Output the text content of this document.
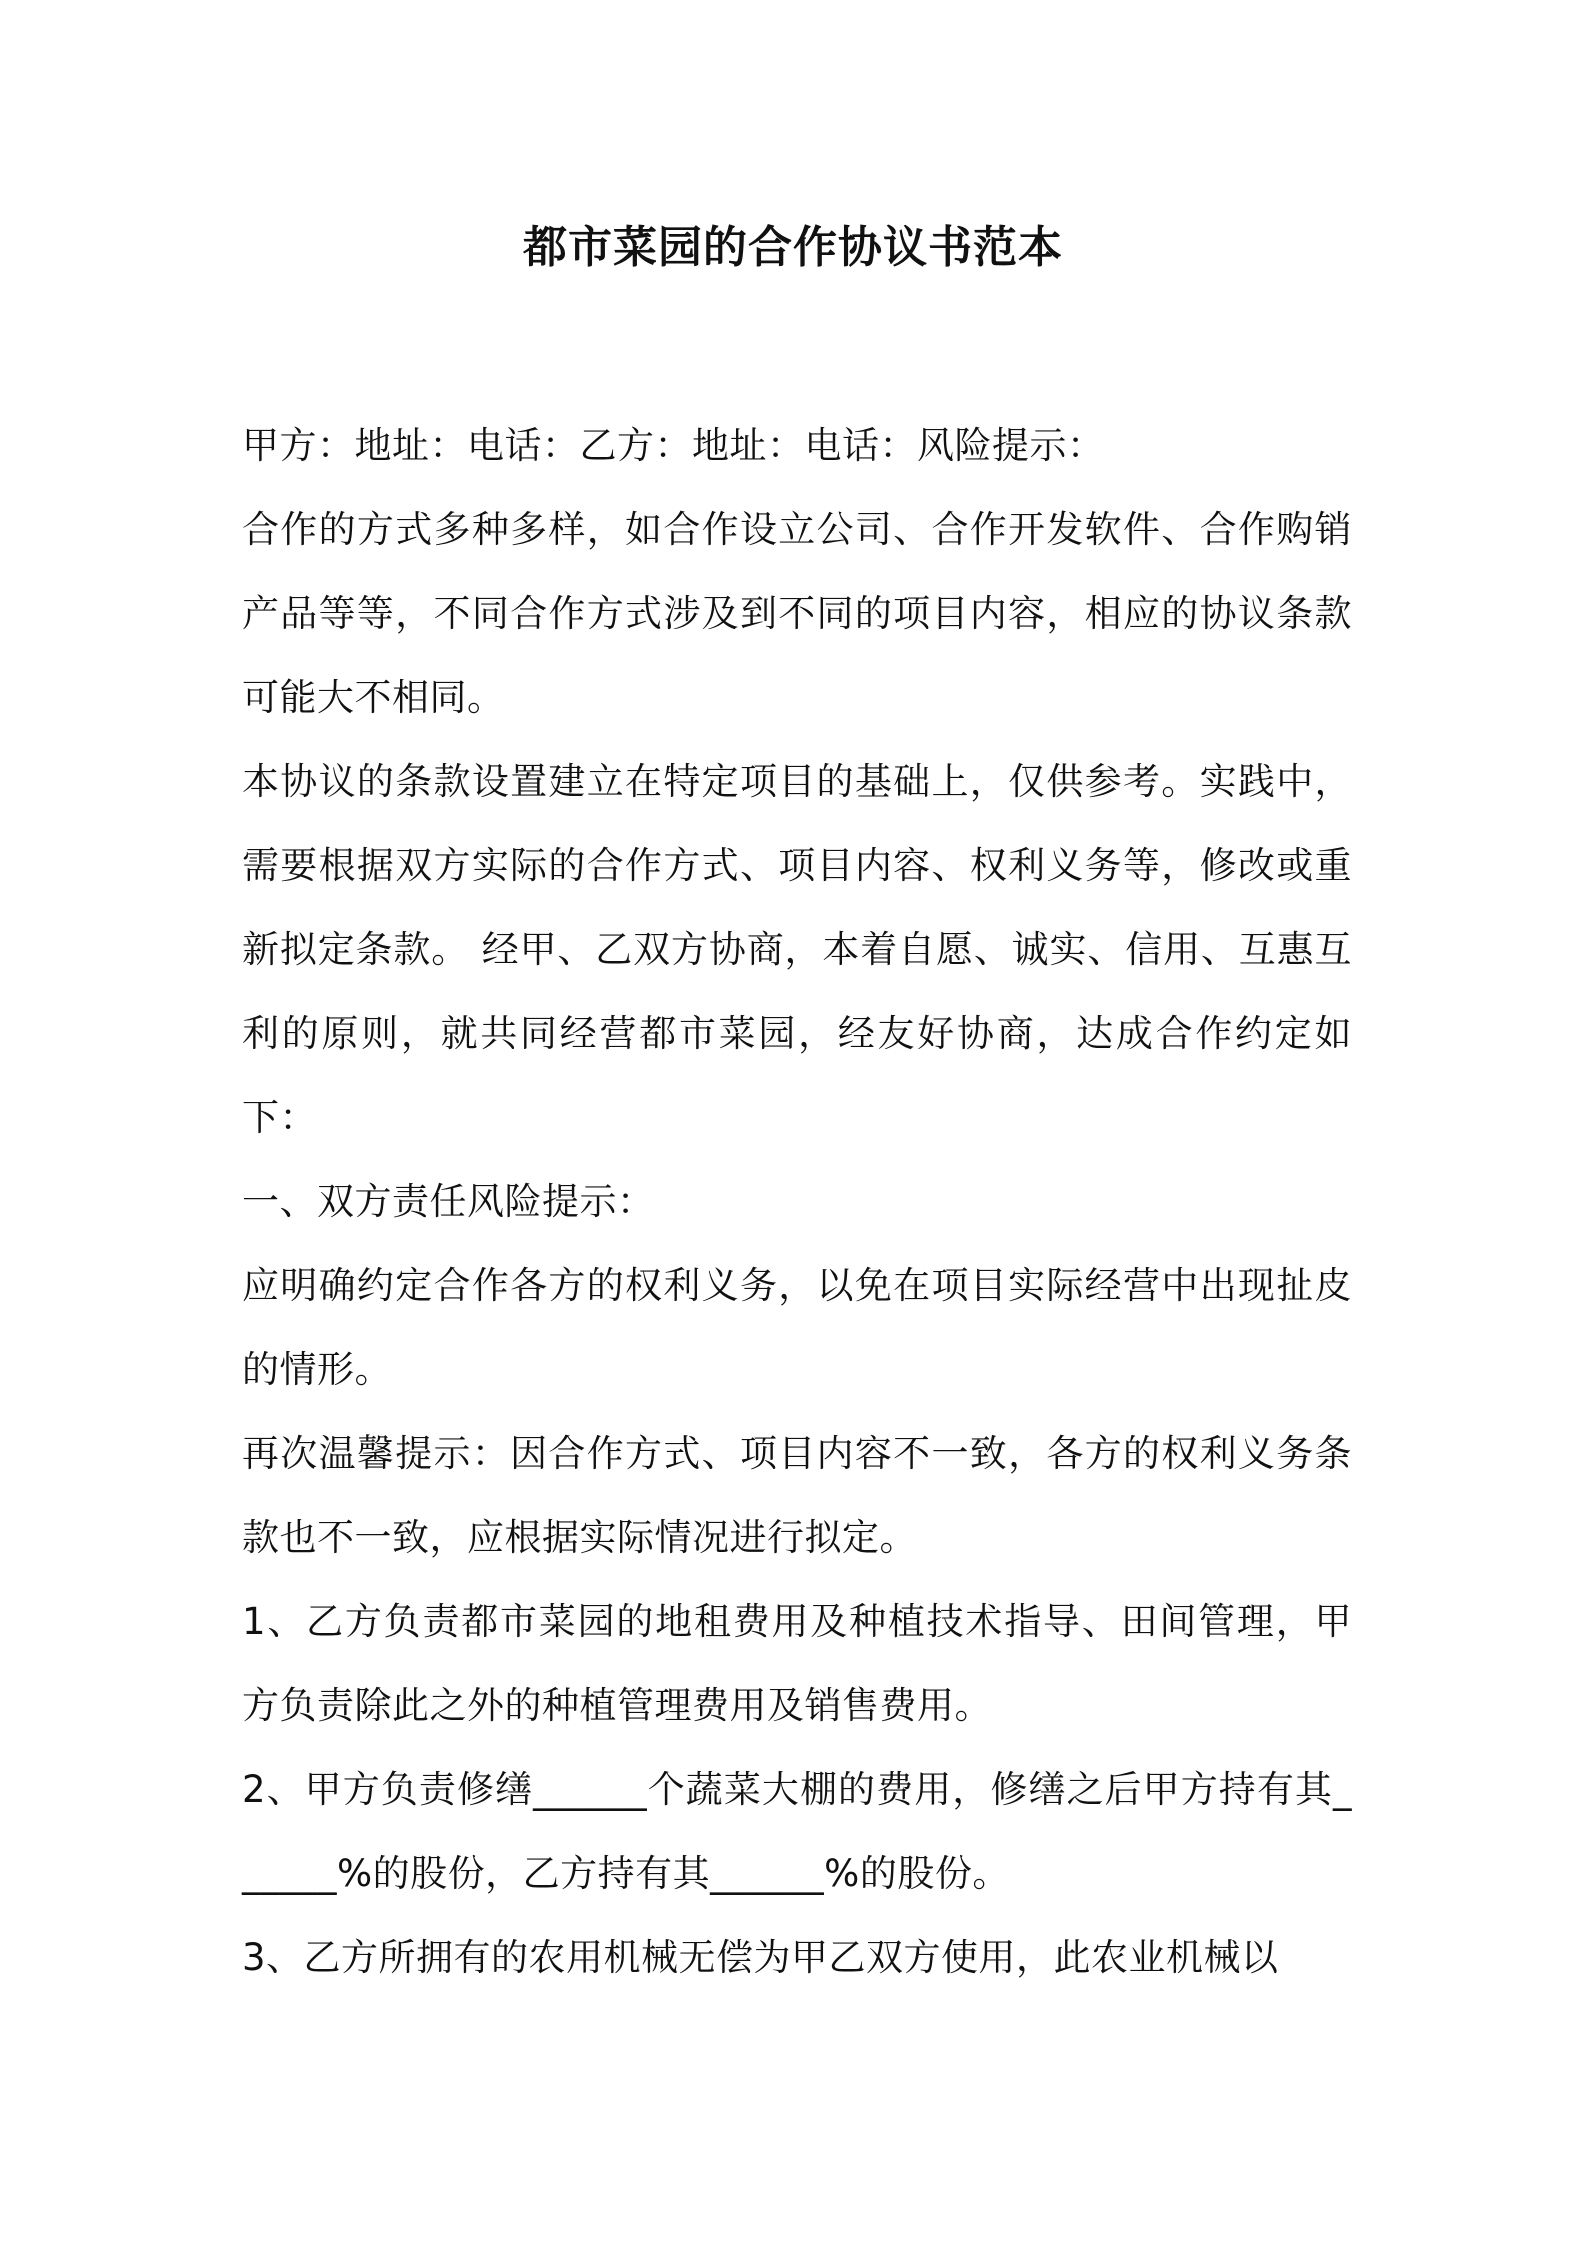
都市菜园的合作协议书范本

甲方：地址：电话：乙方：地址：电话：风险提示：

合作的方式多种多样，如合作设立公司、合作开发软件、合作购销产品等等，不同合作方式涉及到不同的项目内容，相应的协议条款可能大不相同。

本协议的条款设置建立在特定项目的基础上，仅供参考。实践中，需要根据双方实际的合作方式、项目内容、权利义务等，修改或重新拟定条款。 经甲、乙双方协商，本着自愿、诚实、信用、互惠互利的原则，就共同经营都市菜园，经友好协商，达成合作约定如下：

一、双方责任风险提示：

应明确约定合作各方的权利义务，以免在项目实际经营中出现扯皮的情形。

再次温馨提示：因合作方式、项目内容不一致，各方的权利义务条款也不一致，应根据实际情况进行拟定。

1、乙方负责都市菜园的地租费用及种植技术指导、田间管理，甲方负责除此之外的种植管理费用及销售费用。

2、甲方负责修缮______个蔬菜大棚的费用，修缮之后甲方持有其______%的股份，乙方持有其______%的股份。

3、乙方所拥有的农用机械无偿为甲乙双方使用，此农业机械以
